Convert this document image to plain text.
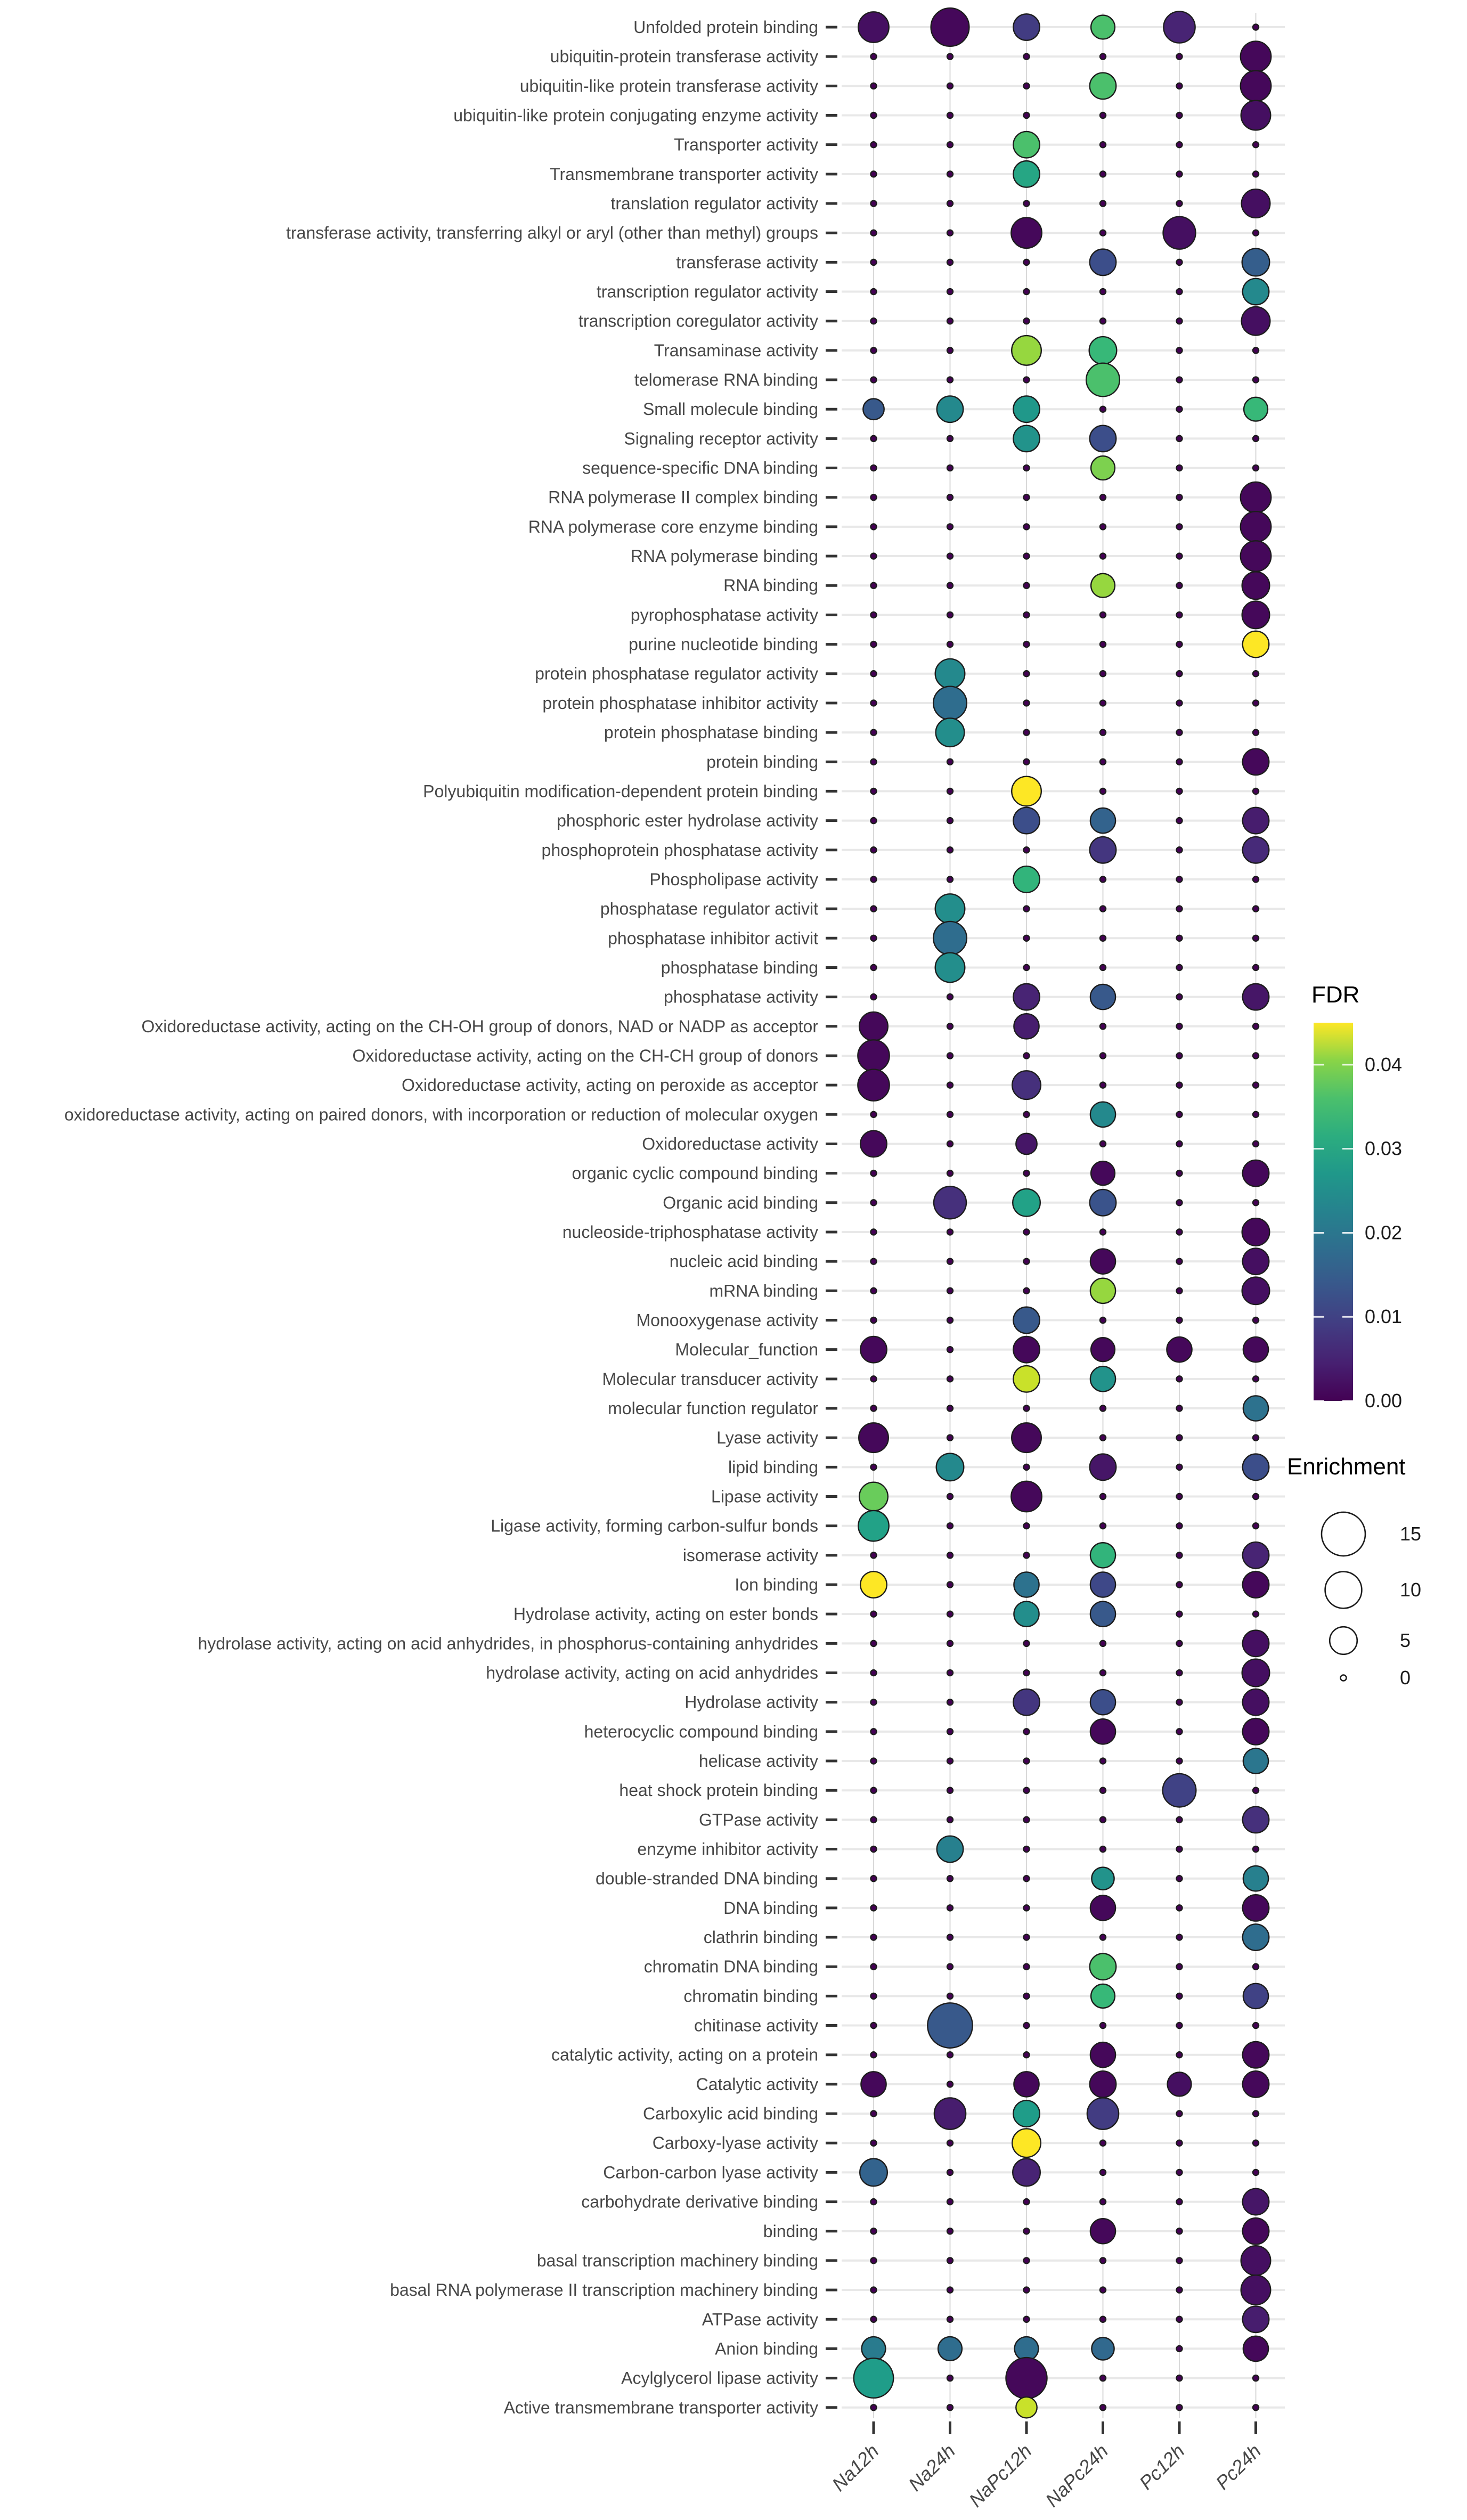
Unfolded protein binding
ubiquitin-protein transferase activity
ubiquitin-like protein transferase activity
ubiquitin-like protein conjugating enzyme activity
Transporter activity
Transmembrane transporter activity
translation regulator activity
transferase activity, transferring alkyl or aryl (other than methyl) groups
transferase activity
transcription regulator activity
transcription coregulator activity
Transaminase activity
telomerase RNA binding
Small molecule binding
Signaling receptor activity
sequence-specific DNA binding
RNA polymerase II complex binding
RNA polymerase core enzyme binding
RNA polymerase binding
RNA binding
pyrophosphatase activity
purine nucleotide binding
protein phosphatase regulator activity
protein phosphatase inhibitor activity
protein phosphatase binding
protein binding
Polyubiquitin modification-dependent protein binding
phosphoric ester hydrolase activity
phosphoprotein phosphatase activity
Phospholipase activity
phosphatase regulator activit
phosphatase inhibitor activit
phosphatase binding
phosphatase activity
Oxidoreductase activity, acting on the CH-OH group of donors, NAD or NADP as acceptor
Oxidoreductase activity, acting on the CH-CH group of donors
Oxidoreductase activity, acting on peroxide as acceptor
oxidoreductase activity, acting on paired donors, with incorporation or reduction of molecular oxygen
Oxidoreductase activity
organic cyclic compound binding
Organic acid binding
nucleoside-triphosphatase activity
nucleic acid binding
mRNA binding
Monooxygenase activity
Molecular_function
Molecular transducer activity
molecular function regulator
Lyase activity
lipid binding
Lipase activity
Ligase activity, forming carbon-sulfur bonds
isomerase activity
Ion binding
Hydrolase activity, acting on ester bonds
hydrolase activity, acting on acid anhydrides, in phosphorus-containing anhydrides
hydrolase activity, acting on acid anhydrides
Hydrolase activity
heterocyclic compound binding
helicase activity
heat shock protein binding
GTPase activity
enzyme inhibitor activity
double-stranded DNA binding
DNA binding
clathrin binding
chromatin DNA binding
chromatin binding
chitinase activity
catalytic activity, acting on a protein
Catalytic activity
Carboxylic acid binding
Carboxy-lyase activity
Carbon-carbon lyase activity
carbohydrate derivative binding
binding
basal transcription machinery binding
basal RNA polymerase II transcription machinery binding
ATPase activity
Anion binding
Acylglycerol lipase activity
Active transmembrane transporter activity
Na12h Na24h NaPc12h NaPc24h Pc12h Pc24h
0.04
0.03
0.02
0.01
0.00
15
10
5
0
FDR
Enrichment
